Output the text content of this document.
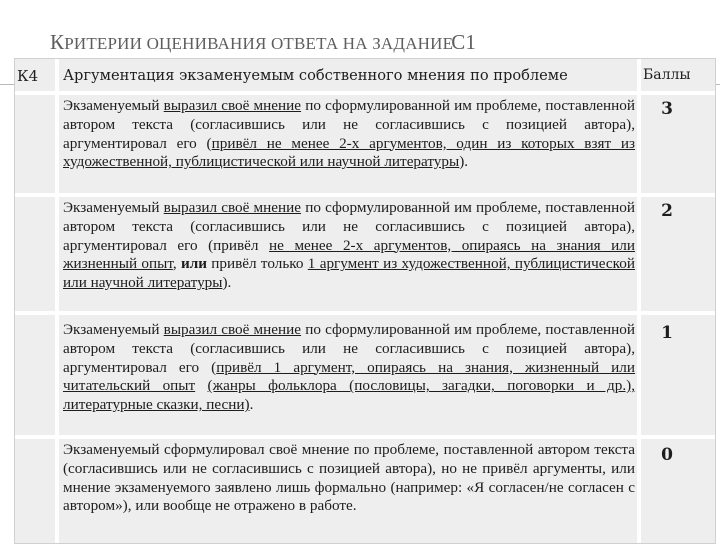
КРИТЕРИИ ОЦЕНИВАНИЯ ОТВЕТА НА ЗАДАНИЕС1
К4 Аргументация экзаменуемым собственного мнения по проблеме	Баллы
Экзаменуемый выразил своё мнение по сформулированной им проблеме, поставленной автором текста (согласившись или не согласившись с позицией автора), аргументировал его (привёл не менее 2-х аргументов, один из которых взят из художественной, публицистической или научной литературы).
3
Экзаменуемый выразил своё мнение по сформулированной им проблеме, поставленной автором текста (согласившись или не согласившись с позицией автора), аргументировал его (привёл не менее 2-х аргументов, опираясь на знания или жизненный опыт, или привёл только 1 аргумент из художественной, публицистической или научной литературы).
2
Экзаменуемый выразил своё мнение по сформулированной им проблеме, поставленной автором текста (согласившись или не согласившись с позицией автора), аргументировал его (привёл 1 аргумент, опираясь на знания, жизненный или читательский опыт (жанры фольклора (пословицы, загадки, поговорки и др.), литературные сказки, песни).
1
Экзаменуемый сформулировал своё мнение по проблеме, поставленной автором текста (согласившись или не согласившись с позицией автора), но не привёл аргументы, или мнение экзаменуемого заявлено лишь формально (например: «Я согласен/не согласен с автором»), или вообще не отражено в работе.
0
